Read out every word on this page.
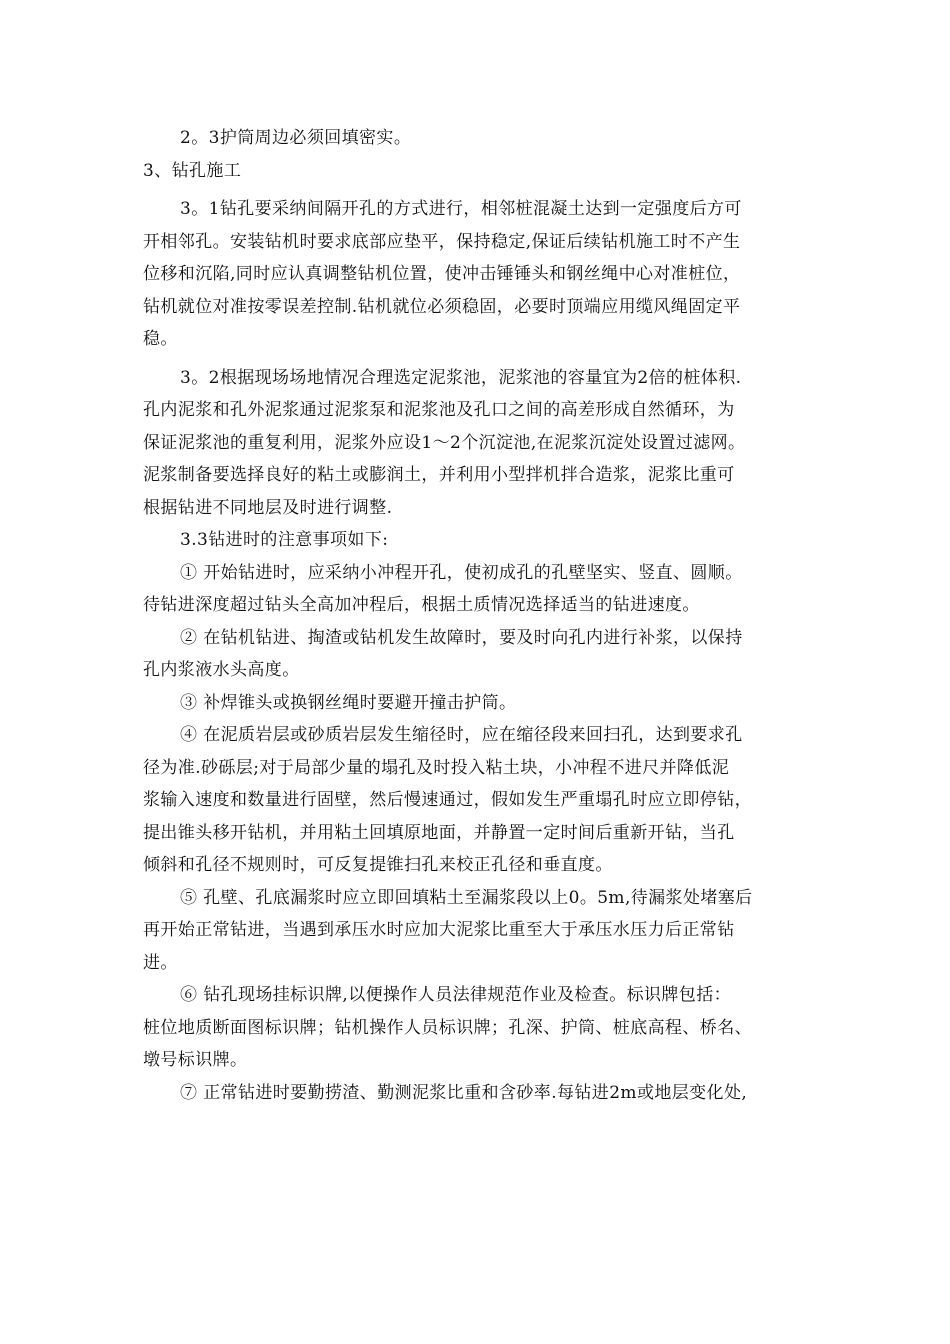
2。3护筒周边必须回填密实。
3、钻孔施工
3。1钻孔要采纳间隔开孔的方式进行，相邻桩混凝土达到一定强度后方可
开相邻孔。安装钻机时要求底部应垫平，保持稳定,保证后续钻机施工时不产生
位移和沉陷,同时应认真调整钻机位置，使冲击锤锤头和钢丝绳中心对准桩位，
钻机就位对准按零误差控制.钻机就位必须稳固，必要时顶端应用缆风绳固定平
稳。
3。2根据现场场地情况合理选定泥浆池，泥浆池的容量宜为2倍的桩体积.
孔内泥浆和孔外泥浆通过泥浆泵和泥浆池及孔口之间的高差形成自然循环，为
保证泥浆池的重复利用，泥浆外应设1～2个沉淀池,在泥浆沉淀处设置过滤网。
泥浆制备要选择良好的粘土或膨润土，并利用小型拌机拌合造浆，泥浆比重可
根据钻进不同地层及时进行调整.
3.3钻进时的注意事项如下:
① 开始钻进时，应采纳小冲程开孔，使初成孔的孔壁坚实、竖直、圆顺。
待钻进深度超过钻头全高加冲程后，根据土质情况选择适当的钻进速度。
② 在钻机钻进、掏渣或钻机发生故障时，要及时向孔内进行补浆，以保持
孔内浆液水头高度。
③ 补焊锥头或换钢丝绳时要避开撞击护筒。
④ 在泥质岩层或砂质岩层发生缩径时，应在缩径段来回扫孔，达到要求孔
径为准.砂砾层;对于局部少量的塌孔及时投入粘土块，小冲程不进尺并降低泥
浆输入速度和数量进行固壁，然后慢速通过，假如发生严重塌孔时应立即停钻，
提出锥头移开钻机，并用粘土回填原地面，并静置一定时间后重新开钻，当孔
倾斜和孔径不规则时，可反复提锥扫孔来校正孔径和垂直度。
⑤ 孔壁、孔底漏浆时应立即回填粘土至漏浆段以上0。5m,待漏浆处堵塞后
再开始正常钻进，当遇到承压水时应加大泥浆比重至大于承压水压力后正常钻
进。
⑥ 钻孔现场挂标识牌,以便操作人员法律规范作业及检查。标识牌包括：
桩位地质断面图标识牌；钻机操作人员标识牌；孔深、护筒、桩底高程、桥名、
墩号标识牌。
⑦ 正常钻进时要勤捞渣、勤测泥浆比重和含砂率.每钻进2m或地层变化处,
